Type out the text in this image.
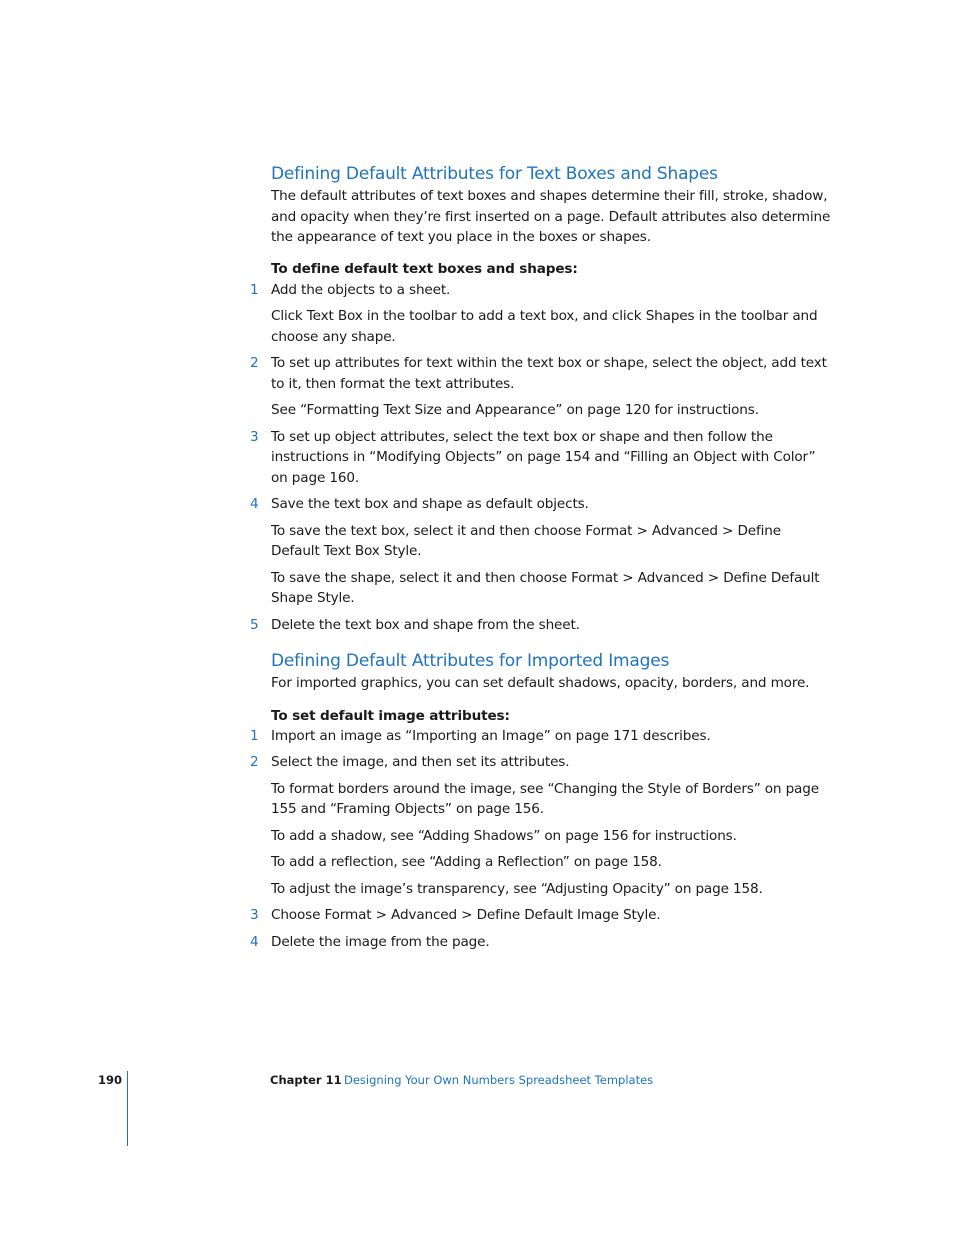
Defining Default Attributes for Text Boxes and Shapes

The default attributes of text boxes and shapes determine their fill, stroke, shadow, and opacity when they’re first inserted on a page. Default attributes also determine the appearance of text you place in the boxes or shapes.

To define default text boxes and shapes:

1 Add the objects to a sheet.
Click Text Box in the toolbar to add a text box, and click Shapes in the toolbar and choose any shape.
2 To set up attributes for text within the text box or shape, select the object, add text to it, then format the text attributes.
See “Formatting Text Size and Appearance” on page 120 for instructions.
3 To set up object attributes, select the text box or shape and then follow the instructions in “Modifying Objects” on page 154 and “Filling an Object with Color” on page 160.
4 Save the text box and shape as default objects.
To save the text box, select it and then choose Format > Advanced > Define Default Text Box Style.
To save the shape, select it and then choose Format > Advanced > Define Default Shape Style.
5 Delete the text box and shape from the sheet.
Defining Default Attributes for Imported Images

For imported graphics, you can set default shadows, opacity, borders, and more.

To set default image attributes:

1 Import an image as “Importing an Image” on page 171 describes.
2 Select the image, and then set its attributes.
To format borders around the image, see “Changing the Style of Borders” on page 155 and “Framing Objects” on page 156.
To add a shadow, see “Adding Shadows” on page 156 for instructions.
To add a reflection, see “Adding a Reflection” on page 158.
To adjust the image’s transparency, see “Adjusting Opacity” on page 158.
3 Choose Format > Advanced > Define Default Image Style.
4 Delete the image from the page.
190	Chapter 11 Designing Your Own Numbers Spreadsheet Templates
